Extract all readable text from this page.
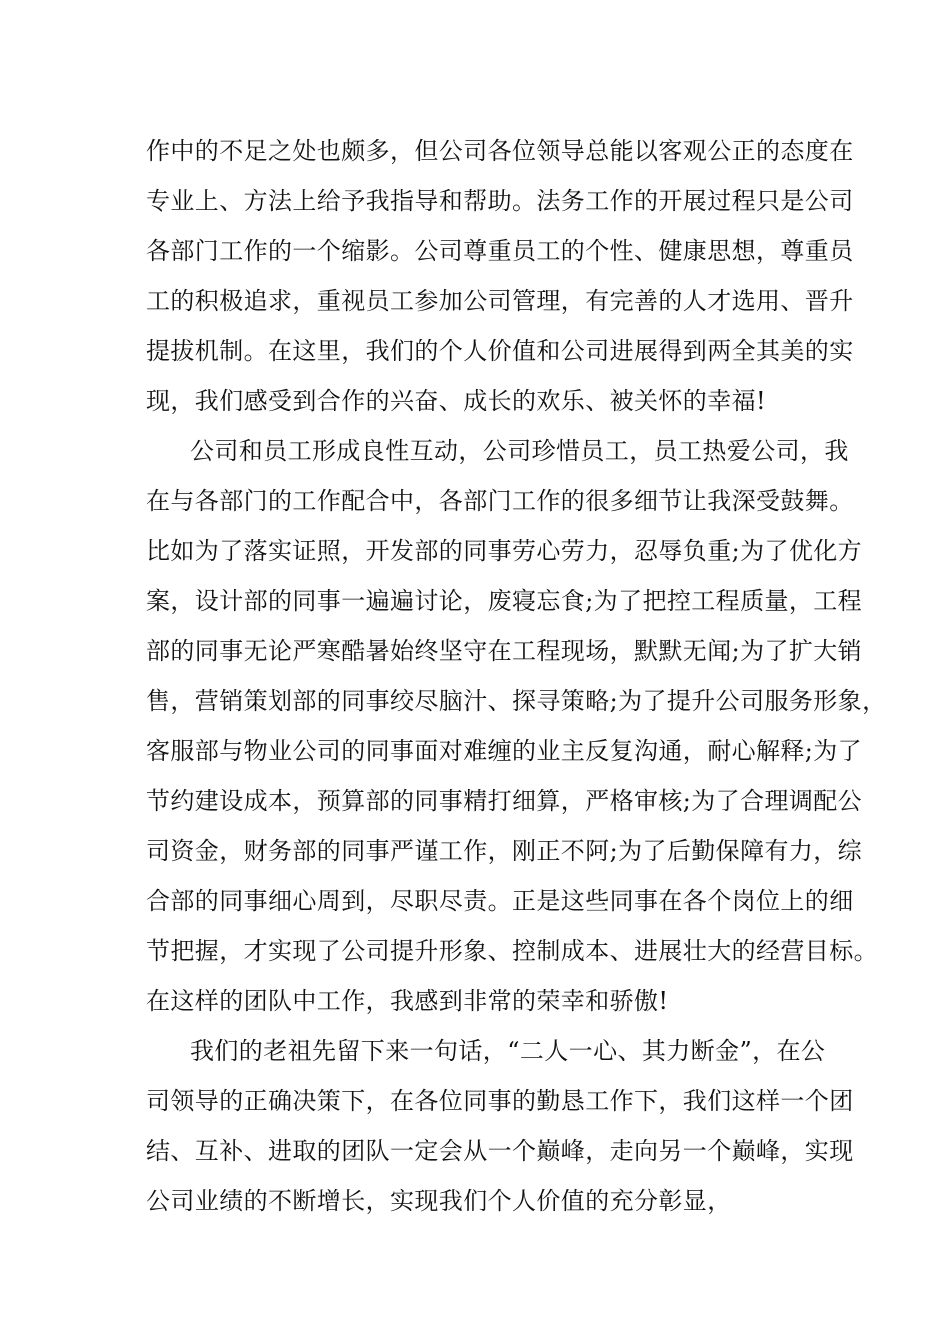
作中的不足之处也颇多，但公司各位领导总能以客观公正的态度在
专业上、方法上给予我指导和帮助。法务工作的开展过程只是公司
各部门工作的一个缩影。公司尊重员工的个性、健康思想，尊重员
工的积极追求，重视员工参加公司管理，有完善的人才选用、晋升
提拔机制。在这里，我们的个人价值和公司进展得到两全其美的实
现，我们感受到合作的兴奋、成长的欢乐、被关怀的幸福!
公司和员工形成良性互动，公司珍惜员工，员工热爱公司，我
在与各部门的工作配合中，各部门工作的很多细节让我深受鼓舞。
比如为了落实证照，开发部的同事劳心劳力，忍辱负重;为了优化方
案，设计部的同事一遍遍讨论，废寝忘食;为了把控工程质量，工程
部的同事无论严寒酷暑始终坚守在工程现场，默默无闻;为了扩大销
售，营销策划部的同事绞尽脑汁、探寻策略;为了提升公司服务形象，
客服部与物业公司的同事面对难缠的业主反复沟通，耐心解释;为了
节约建设成本，预算部的同事精打细算，严格审核;为了合理调配公
司资金，财务部的同事严谨工作，刚正不阿;为了后勤保障有力，综
合部的同事细心周到，尽职尽责。正是这些同事在各个岗位上的细
节把握，才实现了公司提升形象、控制成本、进展壮大的经营目标。
在这样的团队中工作，我感到非常的荣幸和骄傲!
我们的老祖先留下来一句话，“二人一心、其力断金”，在公
司领导的正确决策下，在各位同事的勤恳工作下，我们这样一个团
结、互补、进取的团队一定会从一个巅峰，走向另一个巅峰，实现
公司业绩的不断增长，实现我们个人价值的充分彰显，
